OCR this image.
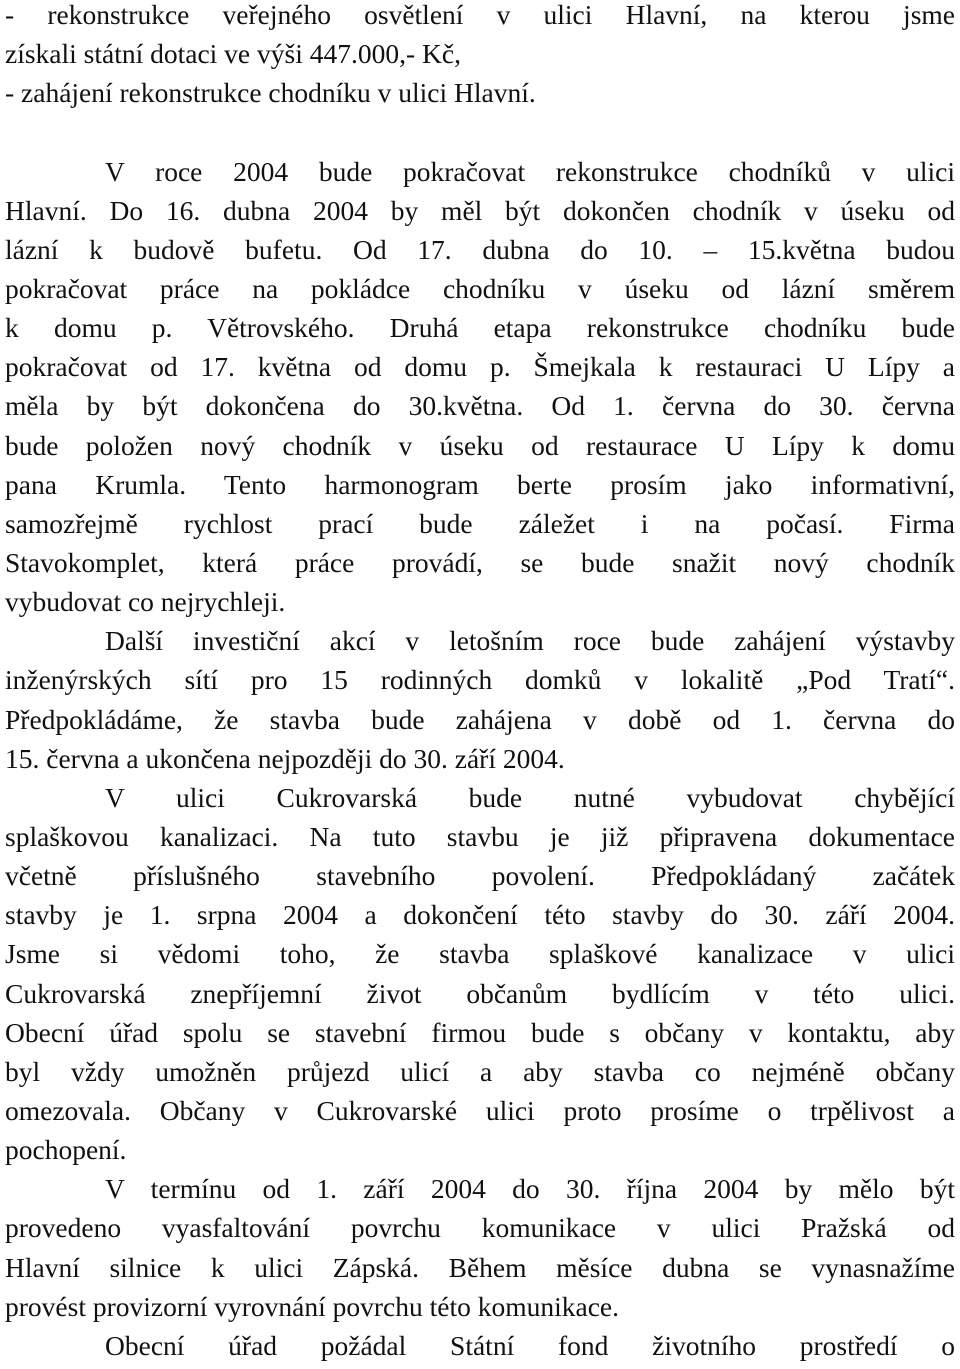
- rekonstrukce veřejného osvětlení v ulici Hlavní, na kterou jsme
získali státní dotaci ve výši 447.000,- Kč,
- zahájení rekonstrukce chodníku v ulici Hlavní.
V roce 2004 bude pokračovat rekonstrukce chodníků v ulici
Hlavní. Do 16. dubna 2004 by měl být dokončen chodník v úseku od
lázní k budově bufetu. Od 17. dubna do 10. – 15.května budou
pokračovat práce na pokládce chodníku v úseku od lázní směrem
k domu p. Větrovského. Druhá etapa rekonstrukce chodníku bude
pokračovat od 17. května od domu p. Šmejkala k restauraci U Lípy a
měla by být dokončena do 30.května. Od 1. června do 30. června
bude položen nový chodník v úseku od restaurace U Lípy k domu
pana Krumla. Tento harmonogram berte prosím jako informativní,
samozřejmě rychlost prací bude záležet i na počasí. Firma
Stavokomplet, která práce provádí, se bude snažit nový chodník
vybudovat co nejrychleji.
Další investiční akcí v letošním roce bude zahájení výstavby
inženýrských sítí pro 15 rodinných domků v lokalitě „Pod Tratí“.
Předpokládáme, že stavba bude zahájena v době od 1. června do
15. června a ukončena nejpozději do 30. září 2004.
V ulici Cukrovarská bude nutné vybudovat chybějící
splaškovou kanalizaci. Na tuto stavbu je již připravena dokumentace
včetně příslušného stavebního povolení. Předpokládaný začátek
stavby je 1. srpna 2004 a dokončení této stavby do 30. září 2004.
Jsme si vědomi toho, že stavba splaškové kanalizace v ulici
Cukrovarská znepříjemní život občanům bydlícím v této ulici.
Obecní úřad spolu se stavební firmou bude s občany v kontaktu, aby
byl vždy umožněn průjezd ulicí a aby stavba co nejméně občany
omezovala. Občany v Cukrovarské ulici proto prosíme o trpělivost a
pochopení.
V termínu od 1. září 2004 do 30. října 2004 by mělo být
provedeno vyasfaltování povrchu komunikace v ulici Pražská od
Hlavní silnice k ulici Zápská. Během měsíce dubna se vynasnažíme
provést provizorní vyrovnání povrchu této komunikace.
Obecní úřad požádal Státní fond životního prostředí o
